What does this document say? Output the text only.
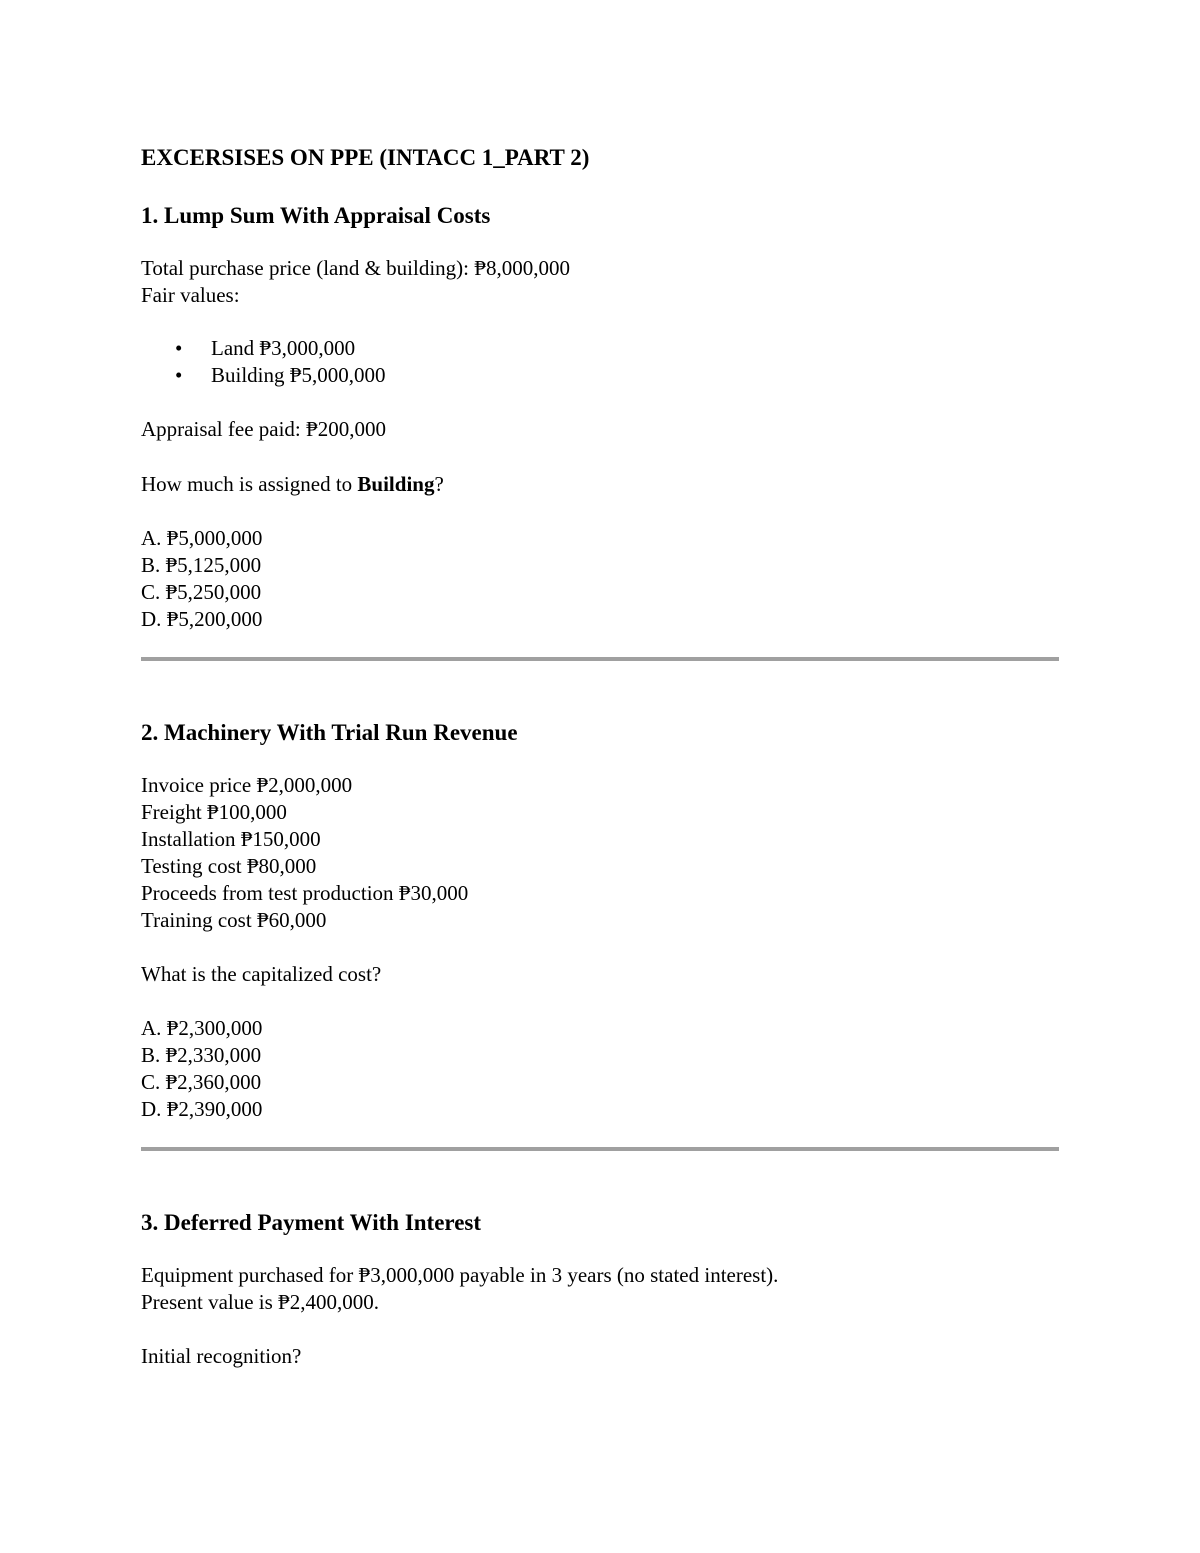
EXCERSISES ON PPE (INTACC 1_PART 2)
1. Lump Sum With Appraisal Costs

Total purchase price (land & building): ₱8,000,000

Fair values:

• Land ₱3,000,000
• Building ₱5,000,000

Appraisal fee paid: ₱200,000

How much is assigned to Building?

A. ₱5,000,000

B. ₱5,125,000

C. ₱5,250,000

D. ₱5,200,000

2. Machinery With Trial Run Revenue

Invoice price ₱2,000,000

Freight ₱100,000

Installation ₱150,000

Testing cost ₱80,000

Proceeds from test production ₱30,000

Training cost ₱60,000

What is the capitalized cost?

A. ₱2,300,000

B. ₱2,330,000

C. ₱2,360,000

D. ₱2,390,000

3. Deferred Payment With Interest

Equipment purchased for ₱3,000,000 payable in 3 years (no stated interest).

Present value is ₱2,400,000.

Initial recognition?
